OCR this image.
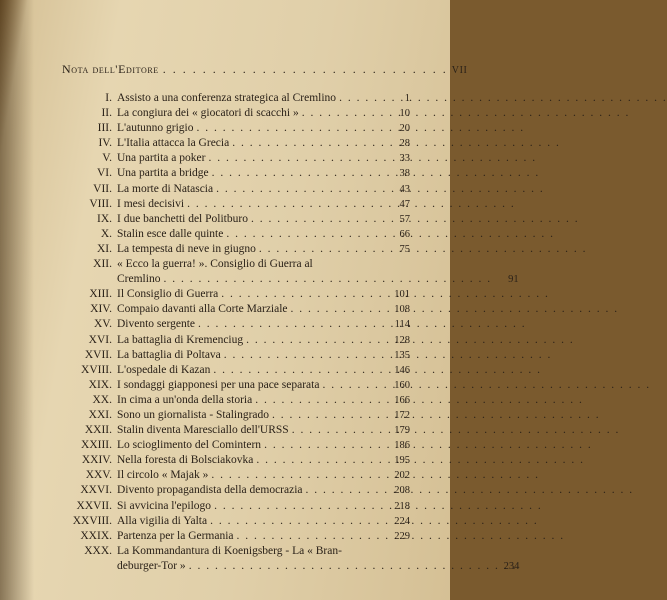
Nota dell'Editore . . .	VII
I. Assisto a una conferenza strategica al Cremlino . . .	1
II. La congiura dei « giocatori di scacchi » . . .	10
III. L'autunno grigio . . .	20
IV. L'Italia attacca la Grecia . . .	28
V. Una partita a poker . . .	33
VI. Una partita a bridge . . .	38
VII. La morte di Natascia . . .	43
VIII. I mesi decisivi . . .	47
IX. I due banchetti del Politburo . . .	57
X. Stalin esce dalle quinte . . .	66
XI. La tempesta di neve in giugno . . .	75
XII. « Ecco la guerra! ». Consiglio di Guerra al
Cremlino . . .	91
XIII. Il Consiglio di Guerra . . .	101
XIV. Compaio davanti alla Corte Marziale . . .	108
XV. Divento sergente . . .	114
XVI. La battaglia di Kremenciug . . .	128
XVII. La battaglia di Poltava . . .	135
XVIII. L'ospedale di Kazan . . .	146
XIX. I sondaggi giapponesi per una pace separata . . .	160
XX. In cima a un'onda della storia . . .	166
XXI. Sono un giornalista - Stalingrado . . .	172
XXII. Stalin diventa Maresciallo dell'URSS . . .	179
XXIII. Lo scioglimento del Comintern . . .	186
XXIV. Nella foresta di Bolsciakovka . . .	195
XXV. Il circolo « Majak » . . .	202
XXVI. Divento propagandista della democrazia . . .	208
XXVII. Si avvicina l'epilogo . . .	218
XXVIII. Alla vigilia di Yalta . . .	224
XXIX. Partenza per la Germania . . .	229
XXX. La Kommandantura di Koenigsberg - La « Bran-
deburger-Tor » . . .	234
